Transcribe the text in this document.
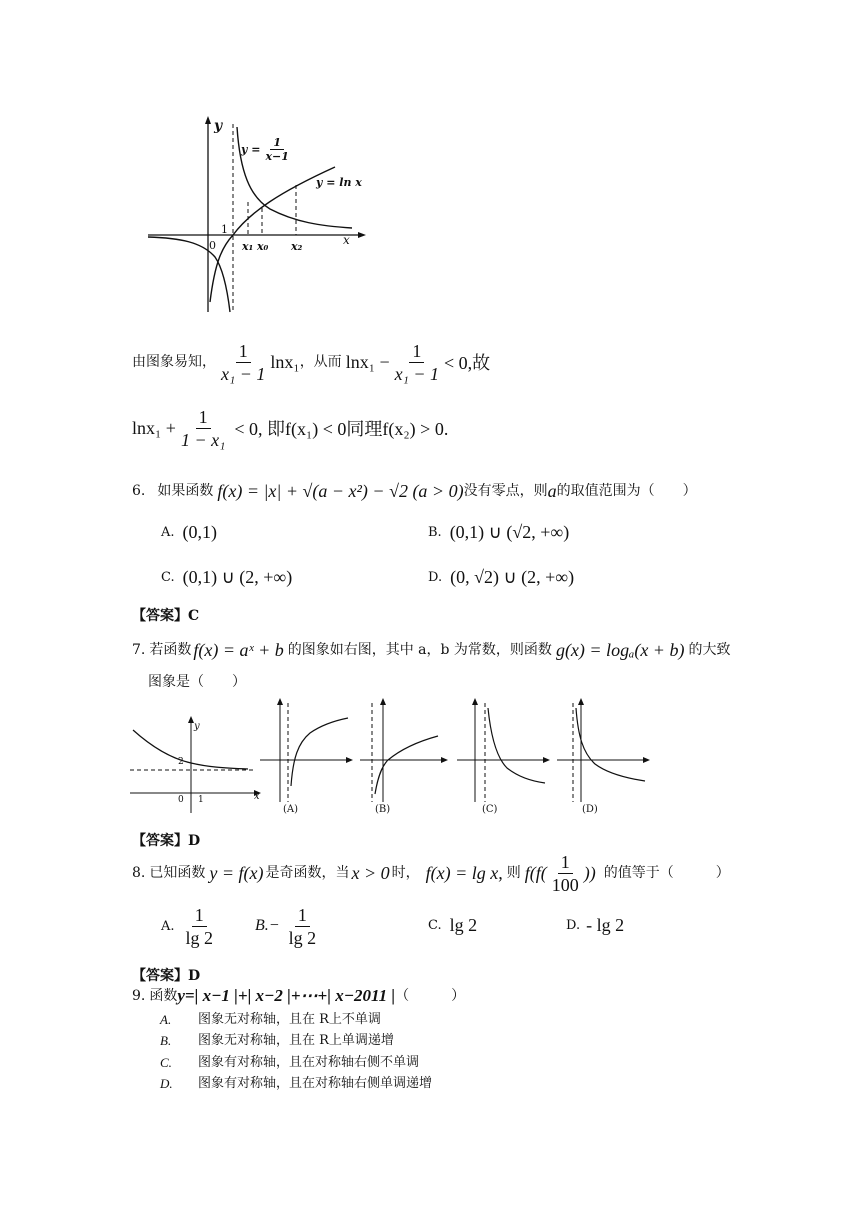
y
x
0
1
$y = \frac{1}{x-1}$
y = ln x
x₁ x₀ x₂
由图象易知， $\frac{1}{\text{x₁ − 1}} \ln x_1$ ，从而 $\ln x_1 - \frac{1}{\text{x₁ − 1}} < 0$,故
$\ln x_1 + \frac{1}{\text{1 − x₁}} < 0$, 即f(x₁) < 0同理f(x₂) > 0.
6. 如果函数 f(x) = |x| + √(a − x²) − √2 (a > 0) 没有零点，则 a 的取值范围为（　　）
A. (0,1)	B. (0,1) ∪ (√2, +∞)
C. (0,1) ∪ (2, +∞)	D. (0, √2) ∪ (2, +∞)
【答案】C
7. 若函数 f(x) = aˣ + b 的图象如右图，其中 a，b 为常数，则函数 g(x) = logₐ(x + b) 的大致
图象是（　　）
y
x
0 1
2
(A)	(B)	(C)	(D)
【答案】D
8. 已知函数 y = f(x) 是奇函数，当 x > 0 时， f(x) = lg x, 则 $f(f( \frac{1}{100}$ )) 的值等于（　　　）
A. $\frac{1}{\lg 2} B.- \frac{1}{\lg 2}$	C. lg 2	D. - lg 2
【答案】D
9. 函数 y=| x−1 |+| x−2 |+⋯+| x−2011 | （　　　）
A.	图象无对称轴，且在 R上不单调
B.	图象无对称轴，且在 R上单调递增
C.	图象有对称轴，且在对称轴右侧不单调
D.	图象有对称轴，且在对称轴右侧单调递增
